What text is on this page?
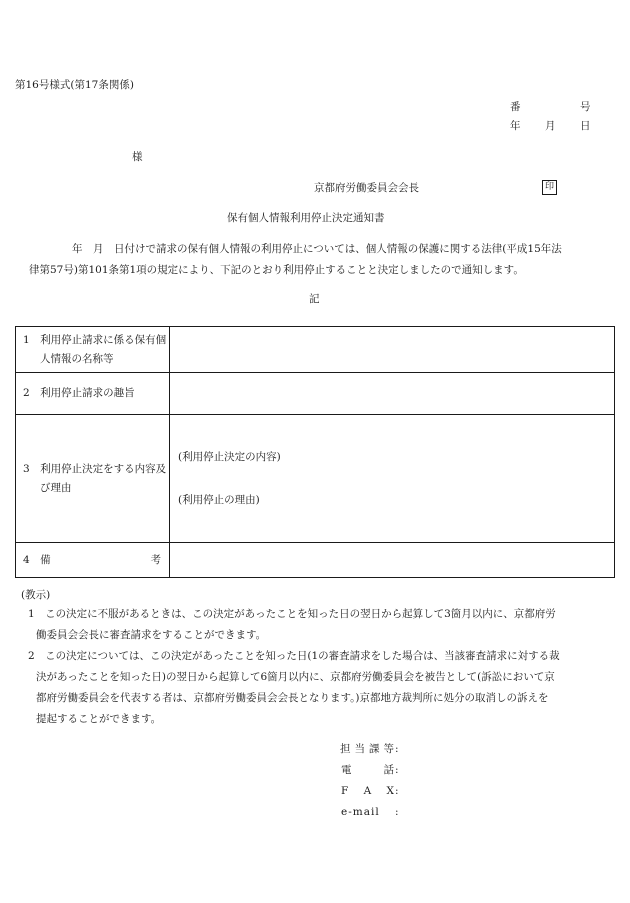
第16号様式(第17条関係)
番	号
年 月 日
様
京都府労働委員会会長	印
保有個人情報利用停止決定通知書
年　月　日付けで請求の保有個人情報の利用停止については、個人情報の保護に関する法律(平成15年法
律第57号)第101条第1項の規定により、下記のとおり利用停止することと決定しましたので通知します。
記
1　利用停止請求に係る保有個人情報の名称等	

2　利用停止請求の趣旨	

3　利用停止決定をする内容及び理由	(利用停止決定の内容)
(利用停止の理由)

4　備 考	

(教示)
1　この決定に不服があるときは、この決定があったことを知った日の翌日から起算して3箇月以内に、京都府労
働委員会会長に審査請求をすることができます。
2　この決定については、この決定があったことを知った日(1の審査請求をした場合は、当該審査請求に対する裁
決があったことを知った日)の翌日から起算して6箇月以内に、京都府労働委員会を被告として(訴訟において京
都府労働委員会を代表する者は、京都府労働委員会会長となります。)京都地方裁判所に処分の取消しの訴えを
提起することができます。
担当課等 :
電　話 :
F　A　X :
e-mail	:
